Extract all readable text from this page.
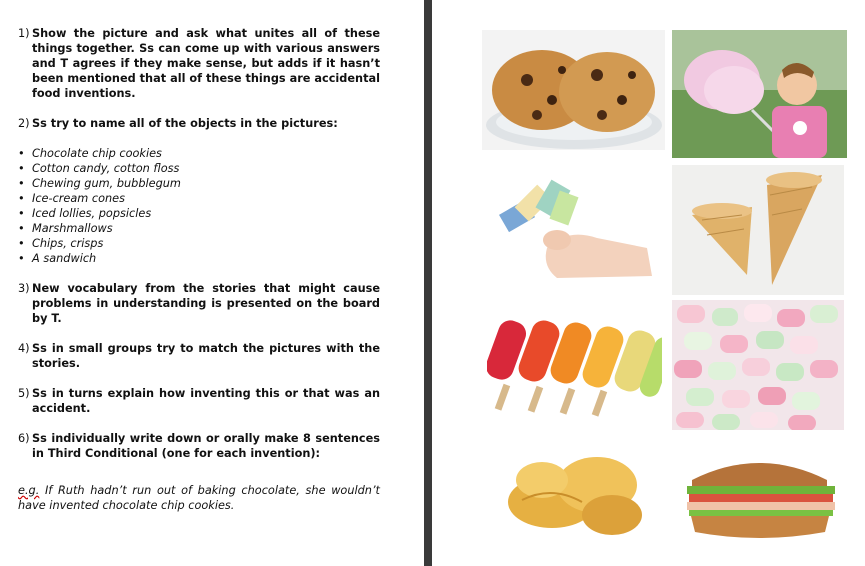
1) Show the picture and ask what unites all of these things together. Ss can come up with various answers and T agrees if they make sense, but adds if it hasn’t been mentioned that all of these things are accidental food inventions.
2) Ss try to name all of the objects in the pictures:
• Chocolate chip cookies
• Cotton candy, cotton floss
• Chewing gum, bubblegum
• Ice-cream cones
• Iced lollies, popsicles
• Marshmallows
• Chips, crisps
• A sandwich
3) New vocabulary from the stories that might cause problems in understanding is presented on the board by T.
4) Ss in small groups try to match the pictures with the stories.
5) Ss in turns explain how inventing this or that was an accident.
6) Ss individually write down or orally make 8 sentences in Third Conditional (one for each invention):
e.g. If Ruth hadn’t run out of baking chocolate, she wouldn’t have invented chocolate chip cookies.
